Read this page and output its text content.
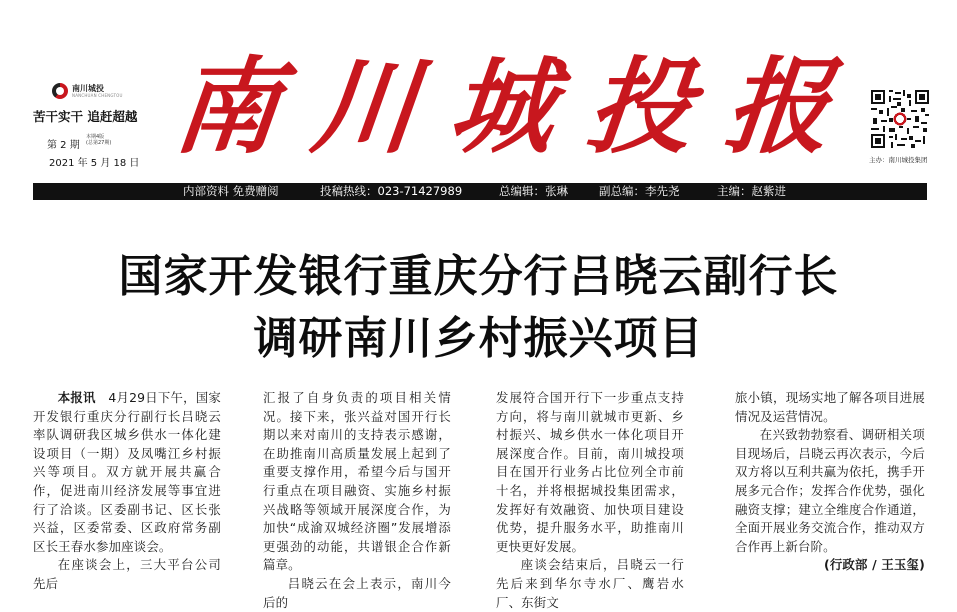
南川城投
NANCHUAN CHENGTOU
苦干实干 追赶超越
第 2 期
本期4版
(总第27期)
2021 年 5 月 18 日 南 川 城 投 报	主办：南川城投集团
内部资料 免费赠阅	投稿热线：023-71427989	总编辑：张琳	副总编：李先尧	主编：赵紫进
国家开发银行重庆分行吕晓云副行长
调研南川乡村振兴项目

本报讯　 4月29日下午，国家开发银行重庆分行副行长吕晓云率队调研我区城乡供水一体化建设项目（一期）及凤嘴江乡村振兴等项目。双方就开展共赢合作，促进南川经济发展等事宜进行了洽谈。区委副书记、区长张兴益，区委常委、区政府常务副区长王春水参加座谈会。

在座谈会上，三大平台公司先后

汇报了自身负责的项目相关情况。接下来，张兴益对国开行长期以来对南川的支持表示感谢，在助推南川高质量发展上起到了重要支撑作用，希望今后与国开行重点在项目融资、实施乡村振兴战略等领域开展深度合作，为加快“成渝双城经济圈”发展增添更强劲的动能，共谱银企合作新篇章。

吕晓云在会上表示，南川今后的

发展符合国开行下一步重点支持方向，将与南川就城市更新、乡村振兴、城乡供水一体化项目开展深度合作。目前，南川城投项目在国开行业务占比位列全市前十名，并将根据城投集团需求，发挥好有效融资、加快项目建设优势，提升服务水平，助推南川更快更好发展。

座谈会结束后，吕晓云一行先后来到华尔寺水厂、鹰岩水厂、东街文

旅小镇，现场实地了解各项目进展情况及运营情况。

在兴致勃勃察看、调研相关项目现场后，吕晓云再次表示，今后双方将以互利共赢为依托，携手开展多元合作；发挥合作优势，强化融资支撑；建立全维度合作通道，全面开展业务交流合作，推动双方合作再上新台阶。

(行政部 / 王玉玺)
